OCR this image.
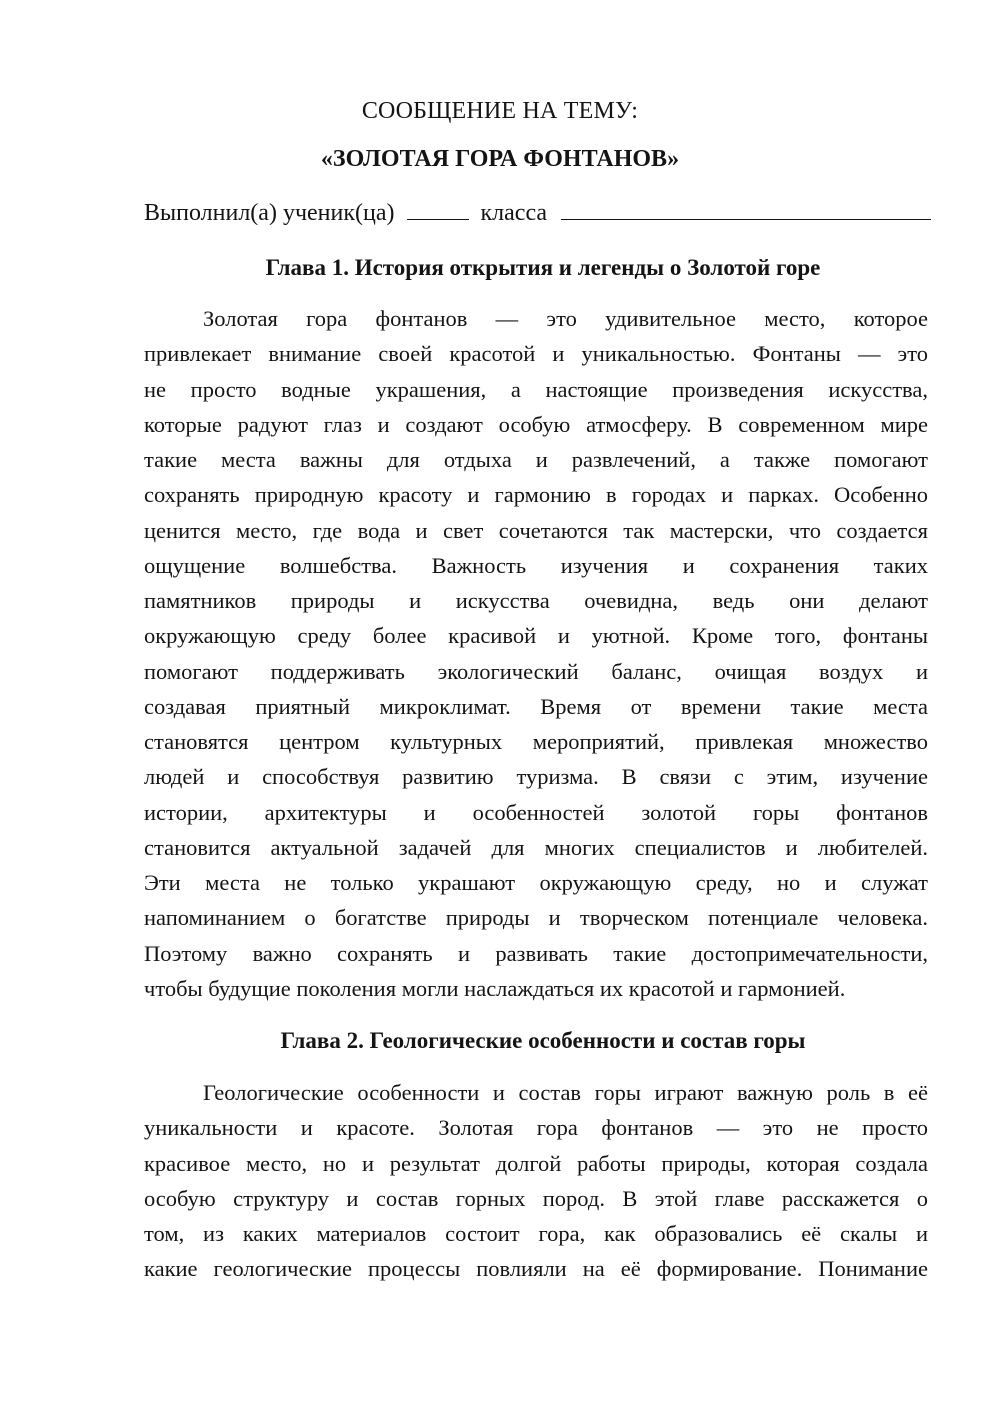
СООБЩЕНИЕ НА ТЕМУ:
«ЗОЛОТАЯ ГОРА ФОНТАНОВ»
Выполнил(а) ученик(ца)	класса
Глава 1. История открытия и легенды о Золотой горе
Золотая гора фонтанов — это удивительное место, которое
привлекает внимание своей красотой и уникальностью. Фонтаны — это
не просто водные украшения, а настоящие произведения искусства,
которые радуют глаз и создают особую атмосферу. В современном мире
такие места важны для отдыха и развлечений, а также помогают
сохранять природную красоту и гармонию в городах и парках. Особенно
ценится место, где вода и свет сочетаются так мастерски, что создается
ощущение волшебства. Важность изучения и сохранения таких
памятников природы и искусства очевидна, ведь они делают
окружающую среду более красивой и уютной. Кроме того, фонтаны
помогают поддерживать экологический баланс, очищая воздух и
создавая приятный микроклимат. Время от времени такие места
становятся центром культурных мероприятий, привлекая множество
людей и способствуя развитию туризма. В связи с этим, изучение
истории, архитектуры и особенностей золотой горы фонтанов
становится актуальной задачей для многих специалистов и любителей.
Эти места не только украшают окружающую среду, но и служат
напоминанием о богатстве природы и творческом потенциале человека.
Поэтому важно сохранять и развивать такие достопримечательности,
чтобы будущие поколения могли наслаждаться их красотой и гармонией.
Глава 2. Геологические особенности и состав горы
Геологические особенности и состав горы играют важную роль в её
уникальности и красоте. Золотая гора фонтанов — это не просто
красивое место, но и результат долгой работы природы, которая создала
особую структуру и состав горных пород. В этой главе расскажется о
том, из каких материалов состоит гора, как образовались её скалы и
какие геологические процессы повлияли на её формирование. Понимание
